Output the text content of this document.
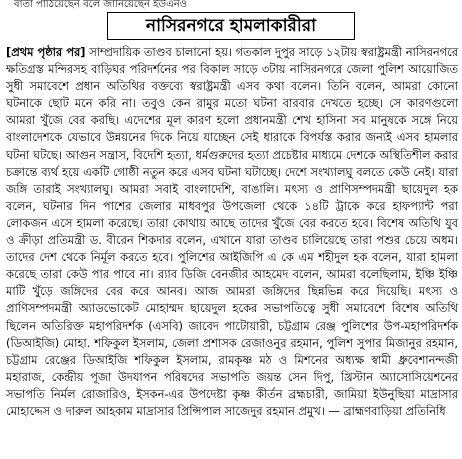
বার্তা পাঠিয়েছেন বলে জানিয়েছেন ইউএনও
নাসিরনগরে হামলাকারীরা
[প্রথম পৃষ্ঠার পর] সাম্প্রদায়িক তাণ্ডব চালানো হয়। গতকাল দুপুর সাড়ে ১২টায় স্বরাষ্ট্রমন্ত্রী নাসিরনগরে ক্ষতিগ্রস্ত মন্দিরসহ বাড়িঘর পরিদর্শনের পর বিকাল সাড়ে ৩টায় নাসিরনগরে জেলা পুলিশ আয়োজিত সুধী সমাবেশে প্রধান অতিথির বক্তব্যে স্বরাষ্ট্রমন্ত্রী এসব কথা বলেন। তিনি বলেন, আমরা কোনো ঘটনাকে ছোট মনে করি না। তবুও কেন রামুর মতো ঘটনা বারবার দেখতে হচ্ছে। সে কারণগুলো আমরা খুঁজে বের করছি। এদেশের মূল কারণ হলো প্রধানমন্ত্রী শেখ হাসিনা সব মানুষকে সঙ্গে নিয়ে বাংলাদেশকে যেভাবে উন্নয়নের দিকে নিয়ে যাচ্ছেন সেই ধারাকে বিপর্যস্ত করার জন্যই এসব হামলার ঘটনা ঘটছে। আগুন সন্ত্রাস, বিদেশি হত্যা, ধর্মগুরুদের হত্যা প্রচেষ্টার মাধ্যমে দেশকে অস্থিতিশীল করার চক্রান্তে ব্যর্থ হয়ে একটি গোষ্ঠী নতুন করে এসব ঘটনা ঘটাচ্ছে। দেশে সংখ্যালঘু বলতে কেউ নেই। যারা জঙ্গি তারাই সংখ্যালঘু। আমরা সবাই বাংলাদেশি, বাঙালি। মৎস্য ও প্রাণিসম্পদমন্ত্রী ছায়েদুল হক বলেন, ঘটনার দিন পাশের জেলার মাধবপুর উপজেলা থেকে ১৪টি ট্রাকে করে হাফপ্যান্ট পরা লোকজন এসে হামলা করেছে। তারা কোথায় আছে তাদের খুঁজে বের করতে হবে। বিশেষ অতিথি যুব ও ক্রীড়া প্রতিমন্ত্রী ড. বীরেন শিকদার বলেন, এখানে যারা তাণ্ডব চালিয়েছে তারা পশুর চেয়ে অধম। তাদের দেশ থেকে নির্মূল করতে হবে। পুলিশের আইজিপি এ কে এম শহীদুল হক বলেন, যারা হামলা করেছে তারা কেউ পার পাবে না। র‌্যাব ডিজি বেনজীর আহমেদ বলেন, আমরা বলেছিলাম, ইঞ্চি ইঞ্চি মাটি খুঁড়ে জঙ্গিদের বের করে আনব। আজ আমরা জঙ্গিদের ছিন্নভিন্ন করে দিয়েছি। মৎস্য ও প্রাণিসম্পদমন্ত্রী অ্যাডভোকেট মোহাম্মদ ছায়েদুল হকের সভাপতিত্বে সুধী সমাবেশে বিশেষ অতিথি ছিলেন অতিরিক্ত মহাপরিদর্শক (এসবি) জাবেদ পাটোয়ারী, চট্টগ্রাম রেঞ্জ পুলিশের উপ-মহাপরিদর্শক (ডিআইজি) মোহা. শফিকুল ইসলাম, জেলা প্রশাসক রেজাওনুর রহমান, পুলিশ সুপার মিজানুর রহমান, চট্টগ্রাম রেঞ্জের ডিআইজি শফিকুল ইসলাম, রামকৃষ্ণ মঠ ও মিশনের অধ্যক্ষ স্বামী ধ্রুবেশানন্দজী মহারাজ, কেন্দ্রীয় পূজা উদযাপন পরিষদের সভাপতি জয়ন্ত সেন দিপু, খ্রিস্টান অ্যাসোসিয়েশনের সভাপতি নির্মল রোজারিও, ইসকন-এর উপদেষ্টা কৃষ্ণ কীর্তন ব্রহ্মচারী, জামিয়া ইউনুছিয়া মাদ্রাসার মোহাদ্দেস ও দারুল আহকাম মাদ্রাসার প্রিন্সিপাল সাজেদুর রহমান প্রমুখ। — ব্রাহ্মণবাড়িয়া প্রতিনিধি
